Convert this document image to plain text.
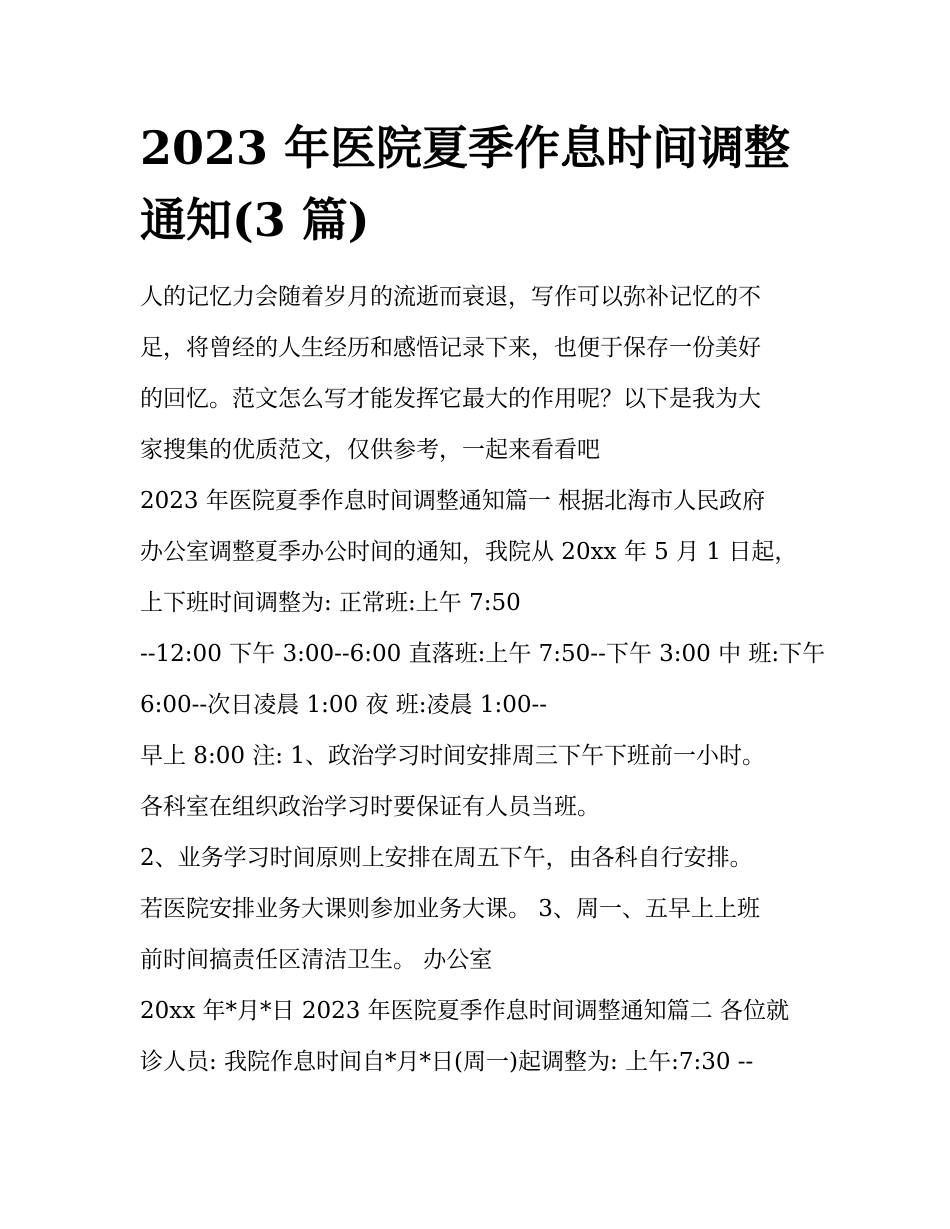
2023 年医院夏季作息时间调整
通知(3 篇)
人的记忆力会随着岁月的流逝而衰退，写作可以弥补记忆的不
足，将曾经的人生经历和感悟记录下来，也便于保存一份美好
的回忆。范文怎么写才能发挥它最大的作用呢？以下是我为大
家搜集的优质范文，仅供参考，一起来看看吧
2023 年医院夏季作息时间调整通知篇一 根据北海市人民政府
办公室调整夏季办公时间的通知，我院从 20xx 年 5 月 1 日起，
上下班时间调整为: 正常班:上午 7:50
--12:00 下午 3:00--6:00 直落班:上午 7:50--下午 3:00 中 班:下午
6:00--次日凌晨 1:00 夜 班:凌晨 1:00--
早上 8:00 注: 1、政治学习时间安排周三下午下班前一小时。
各科室在组织政治学习时要保证有人员当班。
2、业务学习时间原则上安排在周五下午，由各科自行安排。
若医院安排业务大课则参加业务大课。 3、周一、五早上上班
前时间搞责任区清洁卫生。 办公室
20xx 年*月*日 2023 年医院夏季作息时间调整通知篇二 各位就
诊人员: 我院作息时间自*月*日(周一)起调整为: 上午:7:30 --
